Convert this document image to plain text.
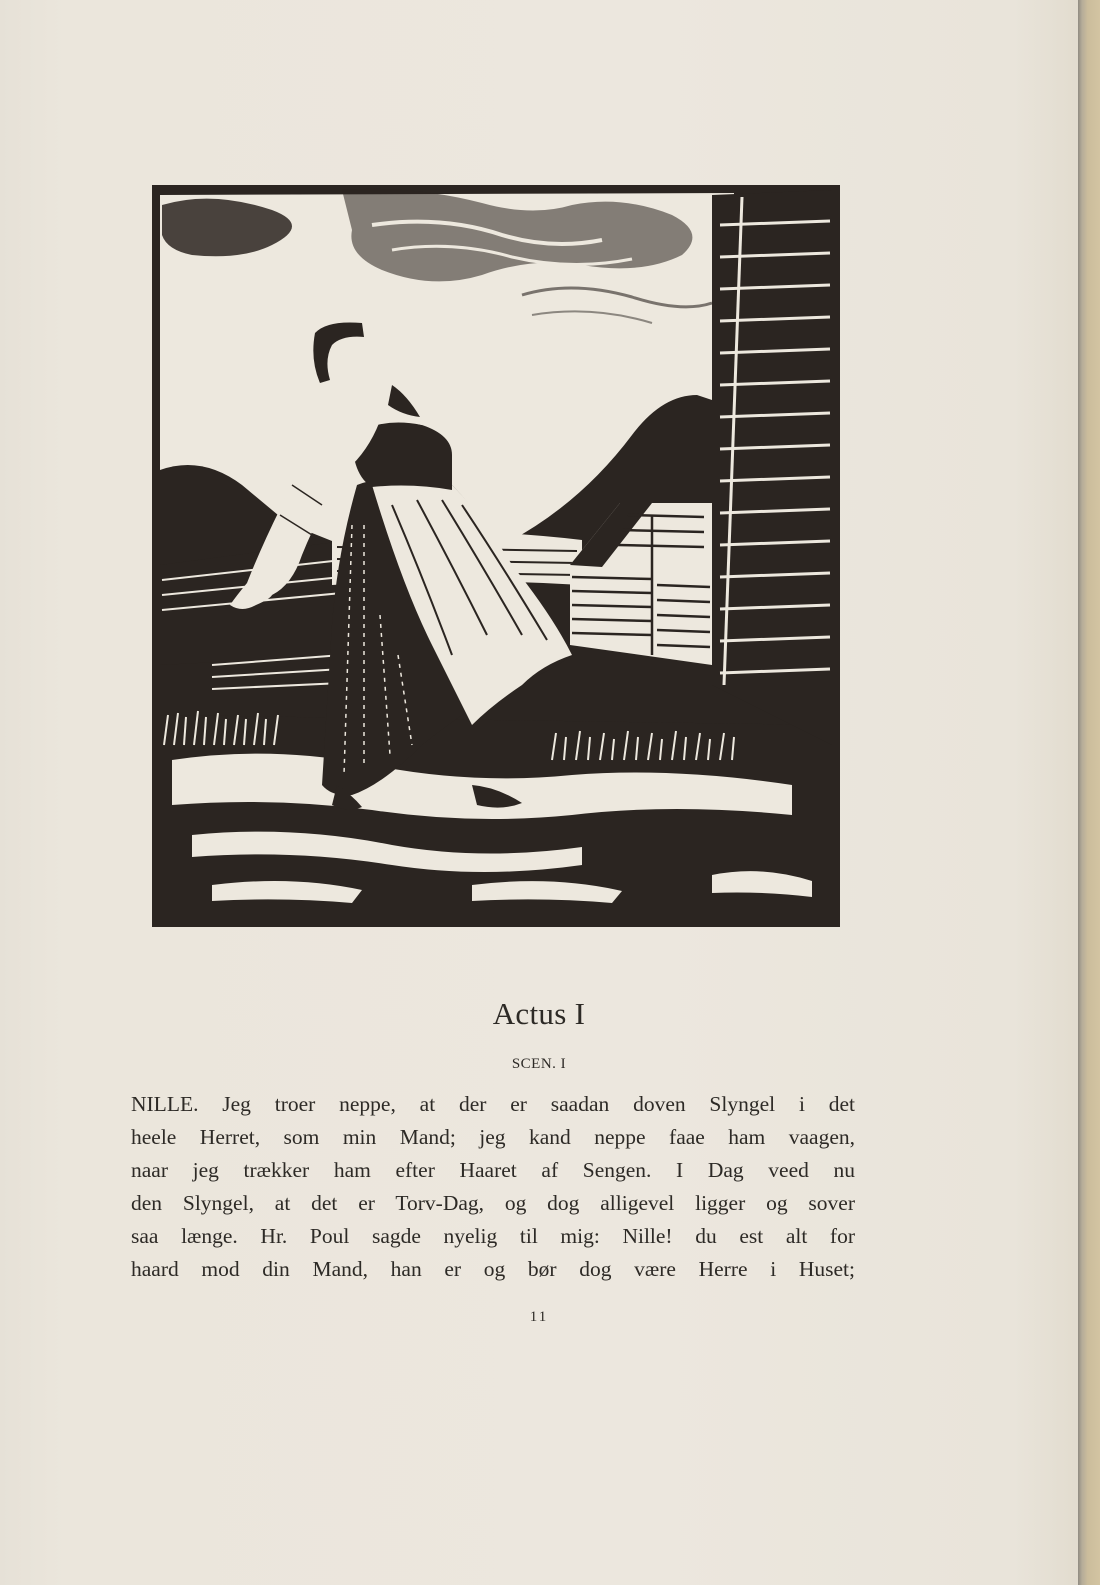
Actus I
SCEN. I

NILLE. Jeg troer neppe, at der er saadan doven Slyngel i det
heele Herret, som min Mand; jeg kand neppe faae ham vaagen,
naar jeg trækker ham efter Haaret af Sengen. I Dag veed nu
den Slyngel, at det er Torv-Dag, og dog alligevel ligger og sover
saa længe. Hr. Poul sagde nyelig til mig: Nille! du est alt for
haard mod din Mand, han er og bør dog være Herre i Huset;

11
